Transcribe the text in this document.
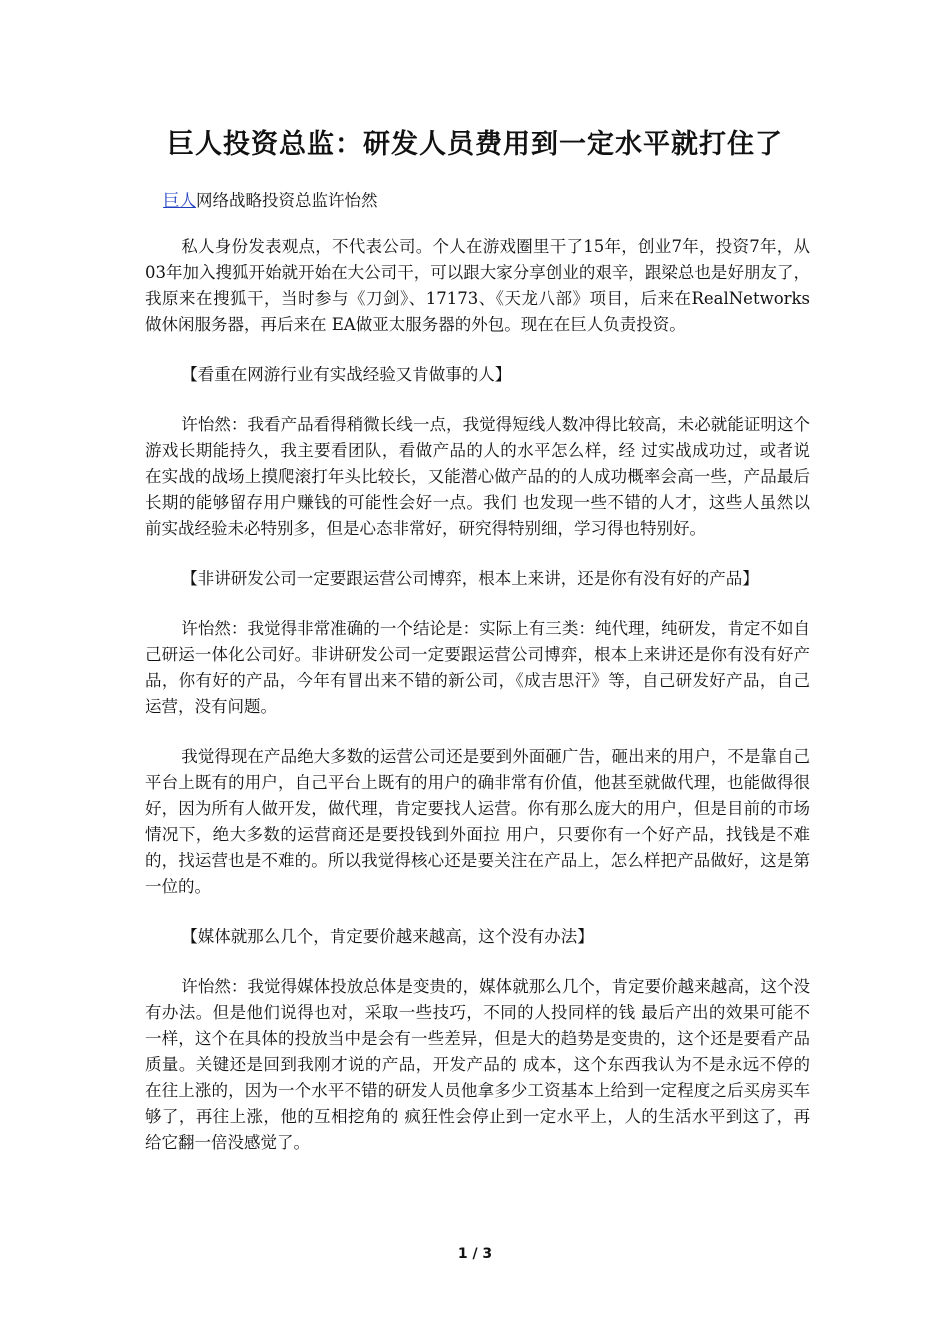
巨人投资总监：研发人员费用到一定水平就打住了
巨人网络战略投资总监许怡然

私人身份发表观点，不代表公司。个人在游戏圈里干了15年，创业7年，投资7年，从03年加入搜狐开始就开始在大公司干，可以跟大家分享创业的艰辛，跟梁总也是好朋友了，我原来在搜狐干，当时参与《刀剑》、17173、《天龙八部》项目，后来在RealNetworks做休闲服务器，再后来在 EA做亚太服务器的外包。现在在巨人负责投资。

【看重在网游行业有实战经验又肯做事的人】

许怡然：我看产品看得稍微长线一点，我觉得短线人数冲得比较高，未必就能证明这个游戏长期能持久，我主要看团队，看做产品的人的水平怎么样，经 过实战成功过，或者说在实战的战场上摸爬滚打年头比较长，又能潜心做产品的的人成功概率会高一些，产品最后长期的能够留存用户赚钱的可能性会好一点。我们 也发现一些不错的人才，这些人虽然以前实战经验未必特别多，但是心态非常好，研究得特别细，学习得也特别好。

【非讲研发公司一定要跟运营公司博弈，根本上来讲，还是你有没有好的产品】

许怡然：我觉得非常准确的一个结论是：实际上有三类：纯代理，纯研发，肯定不如自己研运一体化公司好。非讲研发公司一定要跟运营公司博弈，根本上来讲还是你有没有好产品，你有好的产品，今年有冒出来不错的新公司，《成吉思汗》等，自己研发好产品，自己运营，没有问题。

我觉得现在产品绝大多数的运营公司还是要到外面砸广告，砸出来的用户，不是靠自己平台上既有的用户，自己平台上既有的用户的确非常有价值，他甚至就做代理，也能做得很好，因为所有人做开发，做代理，肯定要找人运营。你有那么庞大的用户，但是目前的市场情况下，绝大多数的运营商还是要投钱到外面拉 用户，只要你有一个好产品，找钱是不难的，找运营也是不难的。所以我觉得核心还是要关注在产品上，怎么样把产品做好，这是第一位的。

【媒体就那么几个，肯定要价越来越高，这个没有办法】

许怡然：我觉得媒体投放总体是变贵的，媒体就那么几个，肯定要价越来越高，这个没有办法。但是他们说得也对，采取一些技巧，不同的人投同样的钱 最后产出的效果可能不一样，这个在具体的投放当中是会有一些差异，但是大的趋势是变贵的，这个还是要看产品质量。关键还是回到我刚才说的产品，开发产品的 成本，这个东西我认为不是永远不停的在往上涨的，因为一个水平不错的研发人员他拿多少工资基本上给到一定程度之后买房买车够了，再往上涨，他的互相挖角的 疯狂性会停止到一定水平上，人的生活水平到这了，再给它翻一倍没感觉了。

1 / 3
